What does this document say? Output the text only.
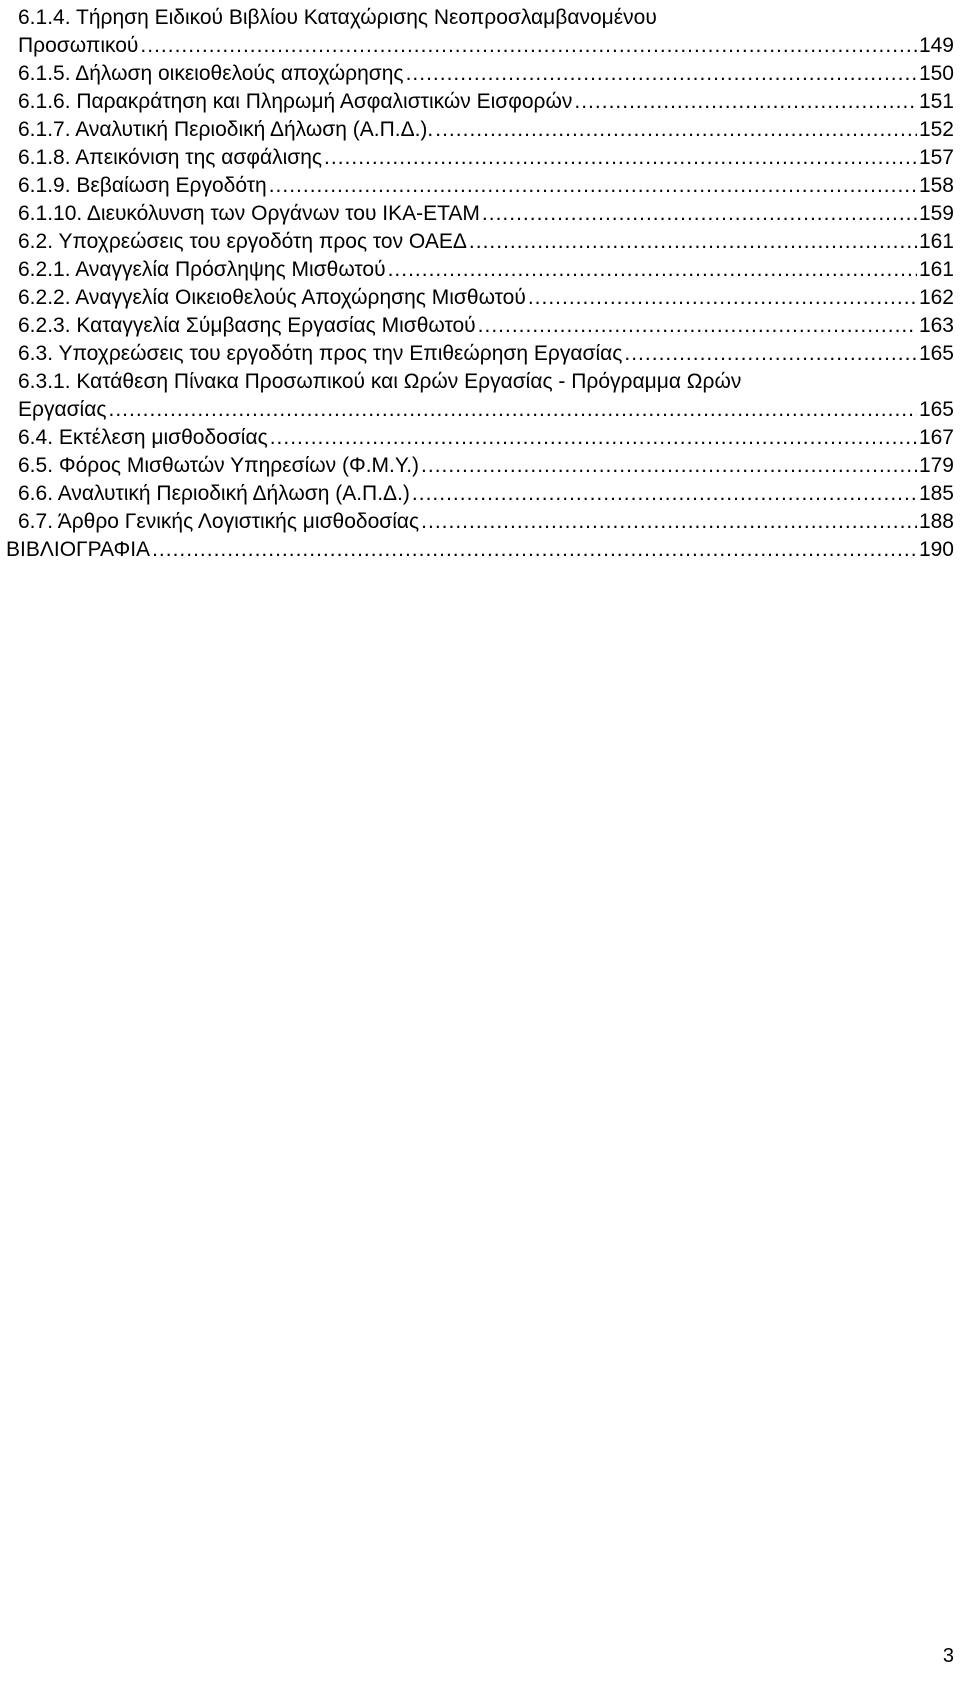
6.1.4. Τήρηση Ειδικού Βιβλίου Καταχώρισης Νεοπροσλαμβανομένου
Προσωπικού .....	149
6.1.5. Δήλωση οικειοθελούς αποχώρησης .....	150
6.1.6. Παρακράτηση και Πληρωμή Ασφαλιστικών Εισφορών .....	151
6.1.7. Αναλυτική Περιοδική Δήλωση (Α.Π.Δ.). .....	152
6.1.8. Απεικόνιση της ασφάλισης .....	157
6.1.9. Βεβαίωση Εργοδότη .....	158
6.1.10. Διευκόλυνση των Οργάνων του ΙΚΑ-ΕΤΑΜ .....	159
6.2. Υποχρεώσεις του εργοδότη προς τον ΟΑΕΔ .....	161
6.2.1. Αναγγελία Πρόσληψης Μισθωτού .....	161
6.2.2. Αναγγελία Οικειοθελούς Αποχώρησης Μισθωτού .....	162
6.2.3. Καταγγελία Σύμβασης Εργασίας Μισθωτού .....	163
6.3. Υποχρεώσεις του εργοδότη προς την Επιθεώρηση Εργασίας .....	165
6.3.1. Κατάθεση Πίνακα Προσωπικού και Ωρών Εργασίας - Πρόγραμμα Ωρών
Εργασίας .....	165
6.4. Εκτέλεση μισθοδοσίας .....	167
6.5. Φόρος Μισθωτών Υπηρεσίων (Φ.Μ.Υ.) .....	179
6.6. Αναλυτική Περιοδική Δήλωση (Α.Π.Δ.) .....	185
6.7. Άρθρο Γενικής Λογιστικής μισθοδοσίας .....	188
ΒΙΒΛΙΟΓΡΑΦΙΑ .....	190
3
